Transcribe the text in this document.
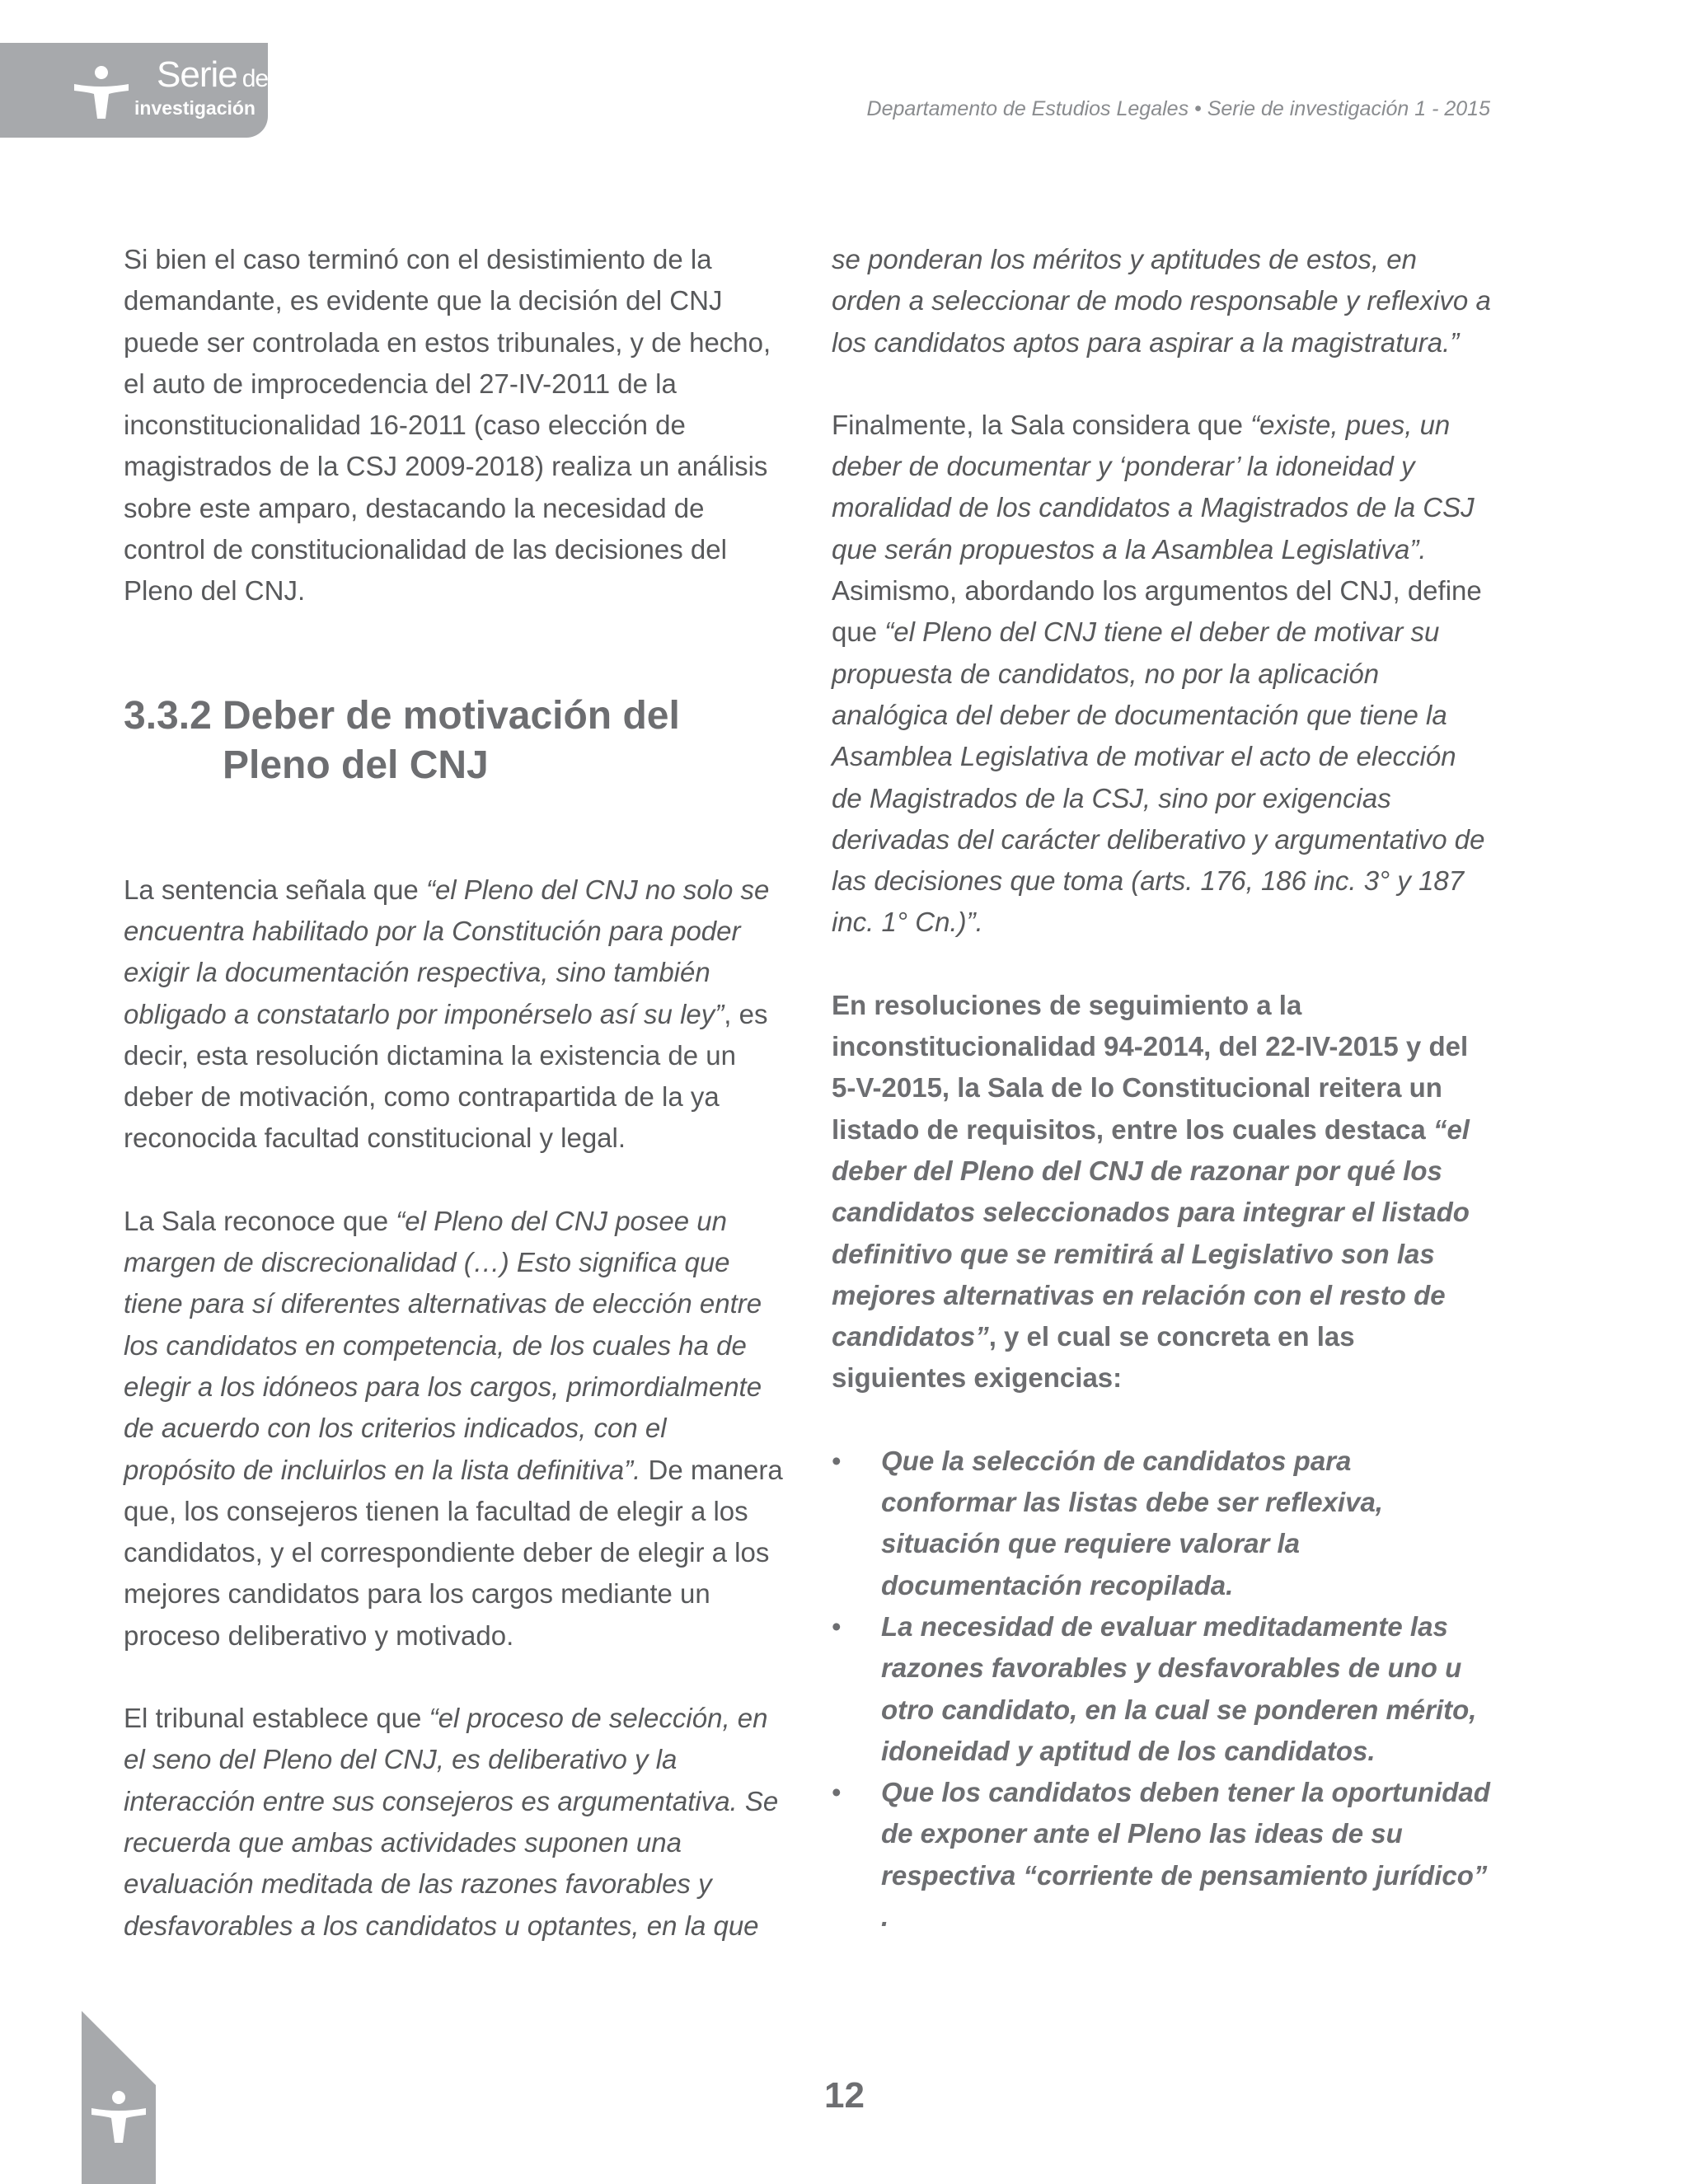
Serie de
investigación	Departamento de Estudios Legales • Serie de investigación 1 - 2015

Si bien el caso terminó con el desistimiento de la demandante, es evidente que la decisión del CNJ puede ser controlada en estos tribunales, y de hecho, el auto de improcedencia del 27-IV-2011 de la inconstitucionalidad 16-2011 (caso elección de magistrados de la CSJ 2009-2018) realiza un análisis sobre este amparo, destacando la necesidad de control de constitucionalidad de las decisiones del Pleno del CNJ.

3.3.2 Deber de motivación del Pleno del CNJ

La sentencia señala que “el Pleno del CNJ no solo se encuentra habilitado por la Constitución para poder exigir la documentación respectiva, sino también obligado a constatarlo por imponérselo así su ley”, es decir, esta resolución dictamina la existencia de un deber de motivación, como contrapartida de la ya reconocida facultad constitucional y legal.

La Sala reconoce que “el Pleno del CNJ posee un margen de discrecionalidad (…) Esto significa que tiene para sí diferentes alternativas de elección entre los candidatos en competencia, de los cuales ha de elegir a los idóneos para los cargos, primordialmente de acuerdo con los criterios indicados, con el propósito de incluirlos en la lista definitiva”. De manera que, los consejeros tienen la facultad de elegir a los candidatos, y el correspondiente deber de elegir a los mejores candidatos para los cargos mediante un proceso deliberativo y motivado.

El tribunal establece que “el proceso de selección, en el seno del Pleno del CNJ, es deliberativo y la interacción entre sus consejeros es argumentativa. Se recuerda que ambas actividades suponen una evaluación meditada de las razones favorables y desfavorables a los candidatos u optantes, en la que

se ponderan los méritos y aptitudes de estos, en orden a seleccionar de modo responsable y reflexivo a los candidatos aptos para aspirar a la magistratura.”

Finalmente, la Sala considera que “existe, pues, un deber de documentar y ‘ponderar’ la idoneidad y moralidad de los candidatos a Magistrados de la CSJ que serán propuestos a la Asamblea Legislativa”. Asimismo, abordando los argumentos del CNJ, define que “el Pleno del CNJ tiene el deber de motivar su propuesta de candidatos, no por la aplicación analógica del deber de documentación que tiene la Asamblea Legislativa de motivar el acto de elección de Magistrados de la CSJ, sino por exigencias derivadas del carácter deliberativo y argumentativo de las decisiones que toma (arts. 176, 186 inc. 3° y 187 inc. 1° Cn.)”.

En resoluciones de seguimiento a la inconstitucionalidad 94-2014, del 22-IV-2015 y del 5-V-2015, la Sala de lo Constitucional reitera un listado de requisitos, entre los cuales destaca “el deber del Pleno del CNJ de razonar por qué los candidatos seleccionados para integrar el listado definitivo que se remitirá al Legislativo son las mejores alternativas en relación con el resto de candidatos”, y el cual se concreta en las siguientes exigencias:

• Que la selección de candidatos para conformar las listas debe ser reflexiva, situación que requiere valorar la documentación recopilada.
• La necesidad de evaluar meditadamente las razones favorables y desfavorables de uno u otro candidato, en la cual se ponderen mérito, idoneidad y aptitud de los candidatos.
• Que los candidatos deben tener la oportunidad de exponer ante el Pleno las ideas de su respectiva “corriente de pensamiento jurídico” .
12
